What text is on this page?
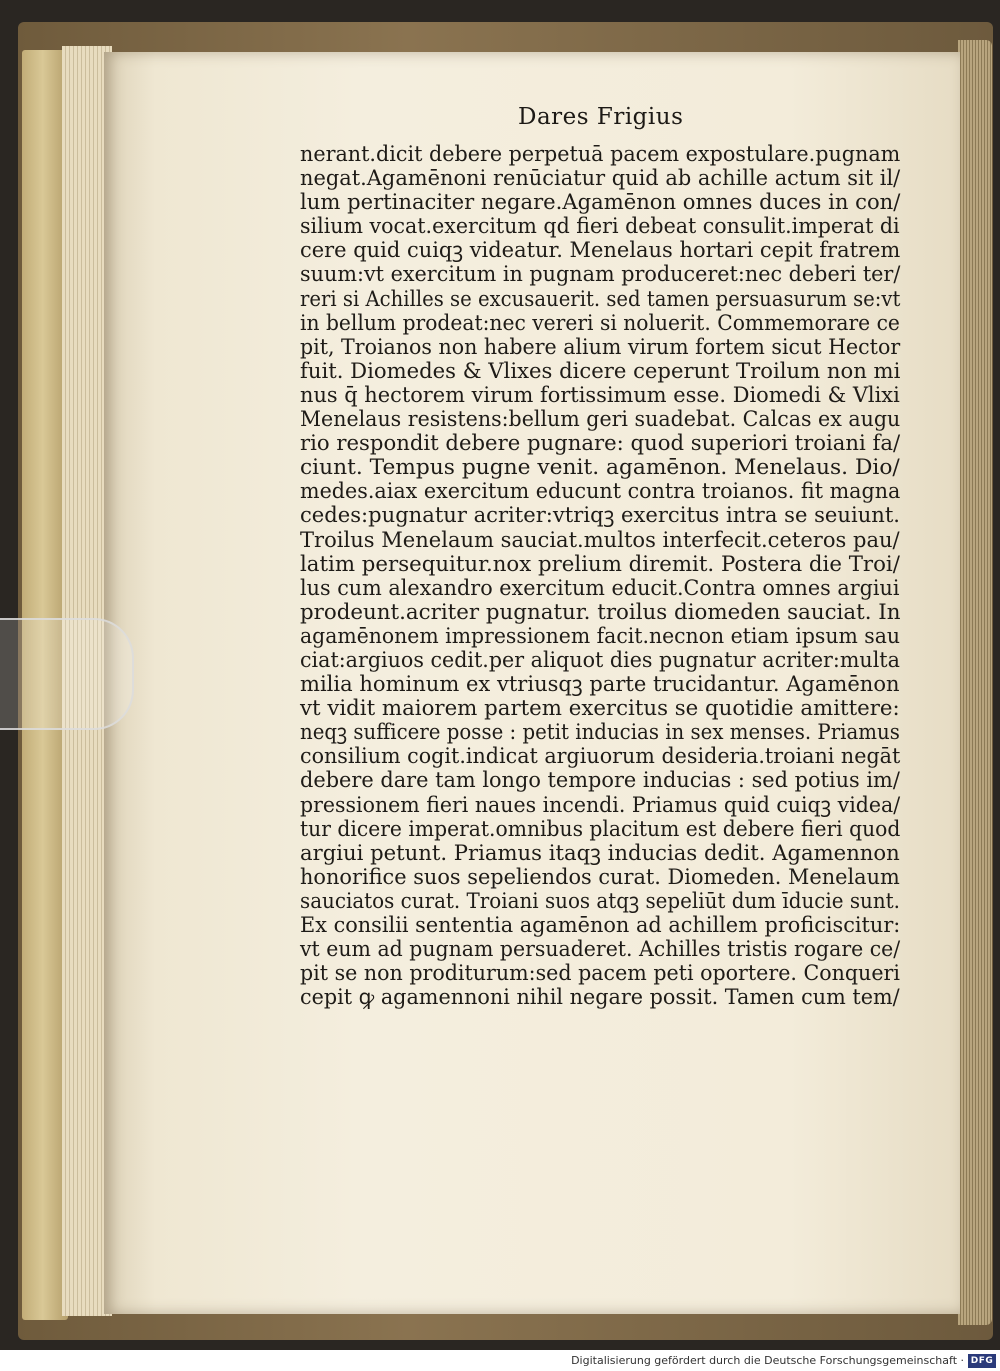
Dares Frigius
nerant.dicit debere perpetuā pacem expostulare.pugnam
negat.Agamēnoni renūciatur quid ab achille actum sit il/
lum pertinaciter negare.Agamēnon omnes duces in con/
silium vocat.exercitum qd fieri debeat consulit.imperat di
cere quid cuiqꝫ videatur. Menelaus hortari cepit fratrem
suum:vt exercitum in pugnam produceret:nec deberi ter/
reri si Achilles se excusauerit. sed tamen persuasurum se:vt
in bellum prodeat:nec vereri si noluerit. Commemorare ce
pit, Troianos non habere alium virum fortem sicut Hector
fuit. Diomedes & Vlixes dicere ceperunt Troilum non mi
nus q̄ hectorem virum fortissimum esse. Diomedi & Vlixi
Menelaus resistens:bellum geri suadebat. Calcas ex augu
rio respondit debere pugnare: quod superiori troiani fa/
ciunt. Tempus pugne venit. agamēnon. Menelaus. Dio/
medes.aiax exercitum educunt contra troianos. fit magna
cedes:pugnatur acriter:vtriqꝫ exercitus intra se seuiunt.
Troilus Menelaum sauciat.multos interfecit.ceteros pau/
latim persequitur.nox prelium diremit. Postera die Troi/
lus cum alexandro exercitum educit.Contra omnes argiui
prodeunt.acriter pugnatur. troilus diomeden sauciat. In
agamēnonem impressionem facit.necnon etiam ipsum sau
ciat:argiuos cedit.per aliquot dies pugnatur acriter:multa
milia hominum ex vtriusqꝫ parte trucidantur. Agamēnon
vt vidit maiorem partem exercitus se quotidie amittere:
neqꝫ sufficere posse : petit inducias in sex menses. Priamus
consilium cogit.indicat argiuorum desideria.troiani negāt
debere dare tam longo tempore inducias : sed potius im/
pressionem fieri naues incendi. Priamus quid cuiqꝫ videa/
tur dicere imperat.omnibus placitum est debere fieri quod
argiui petunt. Priamus itaqꝫ inducias dedit. Agamennon
honorifice suos sepeliendos curat. Diomeden. Menelaum
sauciatos curat. Troiani suos atqꝫ sepeliūt dum īducie sunt.
Ex consilii sententia agamēnon ad achillem proficiscitur:
vt eum ad pugnam persuaderet. Achilles tristis rogare ce/
pit se non proditurum:sed pacem peti oportere. Conqueri
cepit ꝙ agamennoni nihil negare possit. Tamen cum tem/
Digitalisierung gefördert durch die Deutsche Forschungsgemeinschaft · DFG
